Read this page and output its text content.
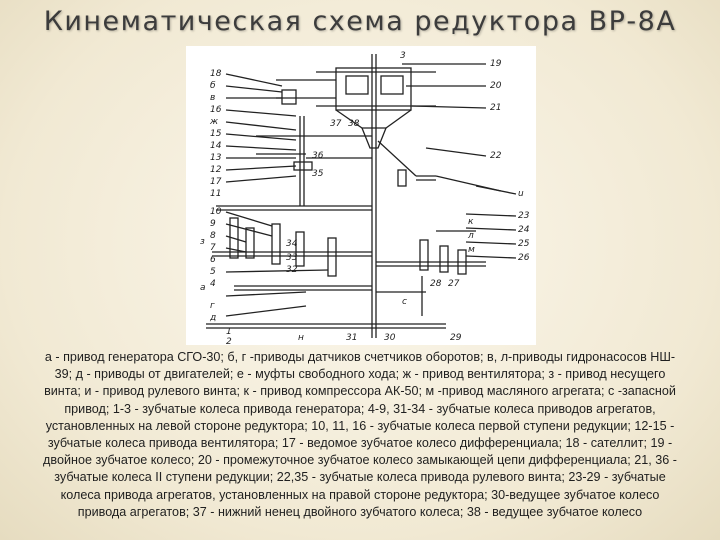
Кинематическая схема редуктора ВР-8А
18
б
в
16
ж
15
14
13
12
17
11
10
9
8
з
7
6
5
4
а
г
д
3
19
20
21
22
u
23
24
25
26
27
28
29
30
31
н
1
2
37 38
36
35
34
33
32
к
л
м
с
а - привод генератора СГО-30; б, г -приводы датчиков счетчиков оборотов; в, л-приводы гидронасосов НШ-
39; д - приводы от двигателей; е - муфты свободного хода; ж - привод вентилятора; з - привод несущего
винта; и - привод рулевого винта; к - привод компрессора АК-50; м -привод масляного агрегата; с -запасной
привод; 1-3 - зубчатые колеса привода генератора; 4-9, 31-34 - зубчатые колеса приводов агрегатов,
установленных на левой стороне редуктора; 10, 11, 16 - зубчатые колеса первой ступени редукции; 12-15 -
зубчатые колеса привода вентилятора; 17 - ведомое зубчатое колесо дифференциала; 18 - сателлит; 19 -
двойное зубчатое колесо; 20 - промежуточное зубчатое колесо замыкающей цепи дифференциала; 21, 36 -
зубчатые колеса II ступени редукции; 22,35 - зубчатые колеса привода рулевого винта; 23-29 - зубчатые
колеса привода агрегатов, установленных на правой стороне редуктора; 30-ведущее зубчатое колесо
привода агрегатов; 37 - нижний ненец двойного зубчатого колеса; 38 - ведущее зубчатое колесо
